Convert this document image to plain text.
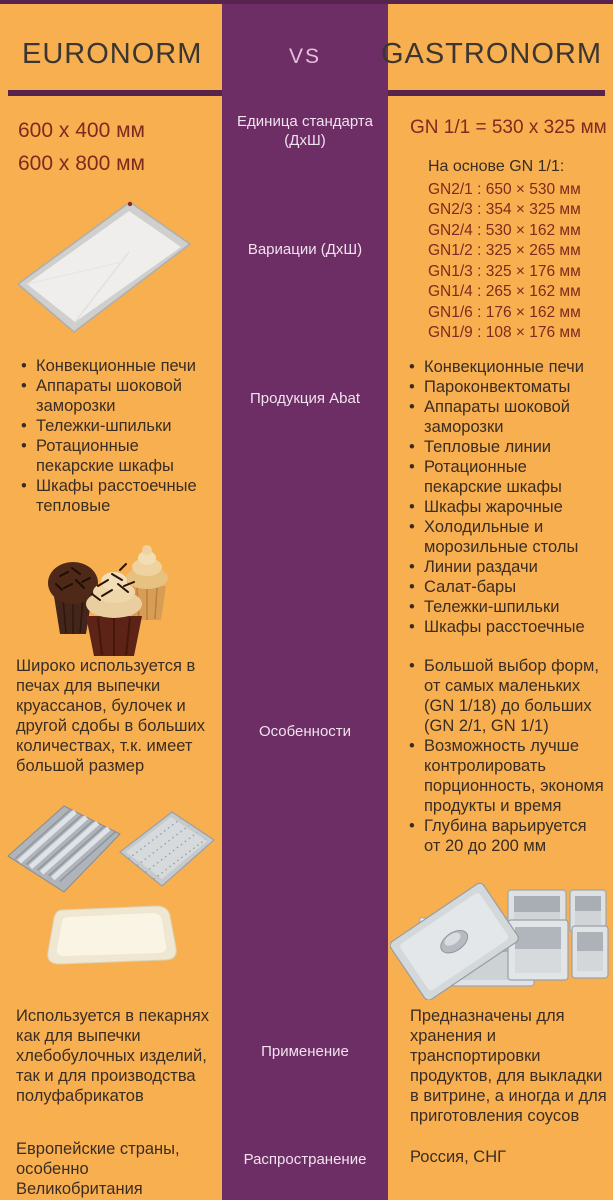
EURONORM	VS	GASTRONORM
Единица стандарта (ДхШ)
Вариации (ДхШ)
Продукция Abat
Особенности
Применение
Распространение
600 x 400 мм
600 x 800 мм
• Конвекционные печи
• Аппараты шоковой заморозки
• Тележки-шпильки
• Ротационные пекарские шкафы
• Шкафы расстоечные тепловые

Широко используется в печах для выпечки круассанов, булочек и другой сдобы в больших количествах, т.к. имеет большой размер

Используется в пекарнях как для выпечки хлебобулочных изделий, так и для производства полуфабрикатов

Европейские страны, особенно Великобритания

GN 1/1 = 530 x 325 мм
На основе GN 1/1:
GN2/1 : 650 × 530 мм
GN2/3 : 354 × 325 мм
GN2/4 : 530 × 162 мм
GN1/2 : 325 × 265 мм
GN1/3 : 325 × 176 мм
GN1/4 : 265 × 162 мм
GN1/6 : 176 × 162 мм
GN1/9 : 108 × 176 мм
• Конвекционные печи
• Пароконвектоматы
• Аппараты шоковой заморозки
• Тепловые линии
• Ротационные пекарские шкафы
• Шкафы жарочные
• Холодильные и морозильные столы
• Линии раздачи
• Салат-бары
• Тележки-шпильки
• Шкафы расстоечные
• Большой выбор форм, от самых маленьких (GN 1/18) до больших (GN 2/1, GN 1/1)
• Возможность лучше контролировать порционность, экономя продукты и время
• Глубина варьируется от 20 до 200 мм

Предназначены для хранения и транспортировки продуктов, для выкладки в витрине, а иногда и для приготовления соусов

Россия, СНГ
